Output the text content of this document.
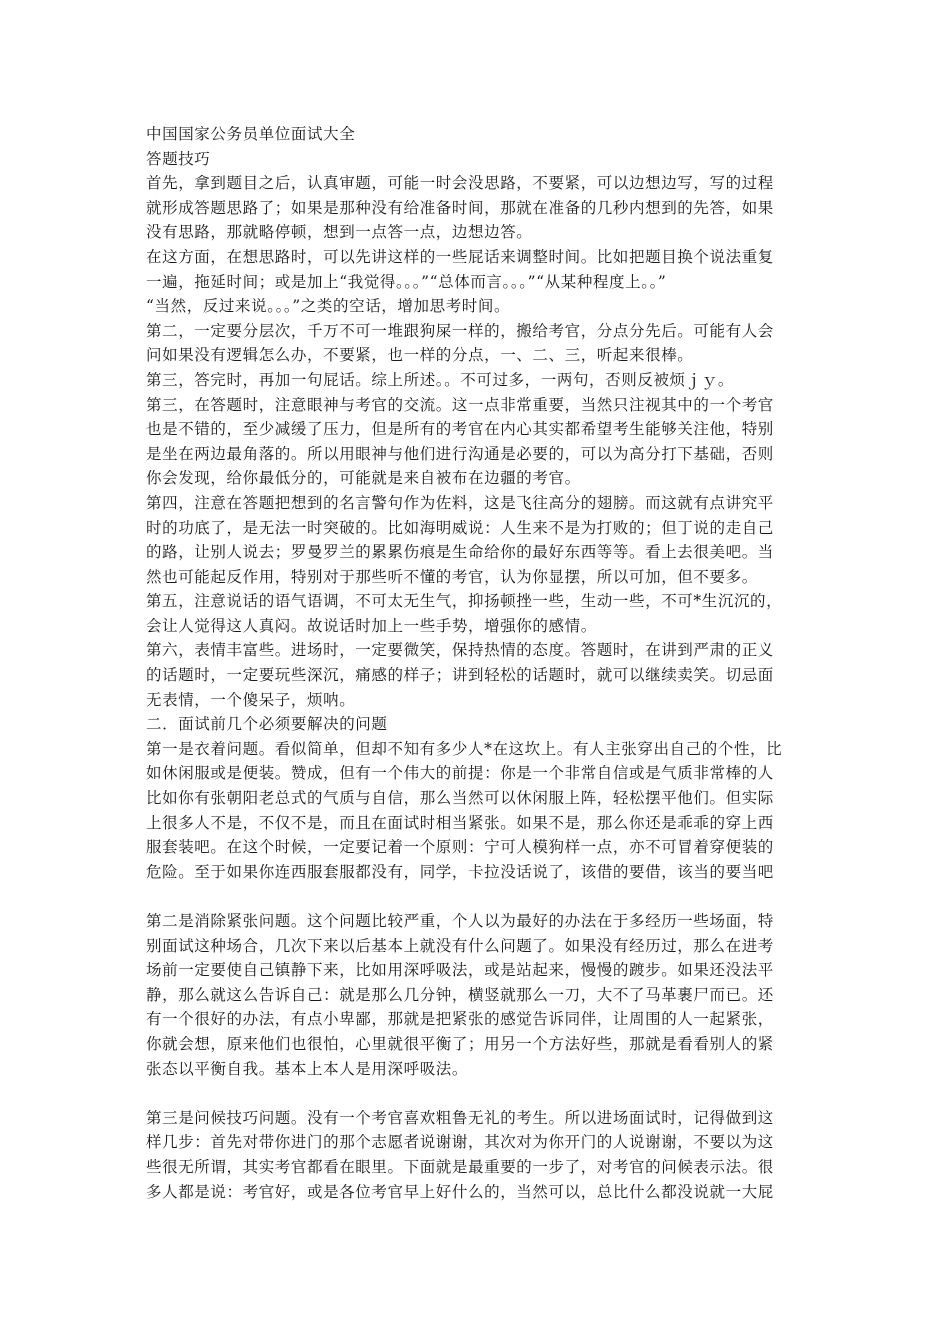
中国国家公务员单位面试大全
答题技巧
首先，拿到题目之后，认真审题，可能一时会没思路，不要紧，可以边想边写，写的过程
就形成答题思路了；如果是那种没有给准备时间，那就在准备的几秒内想到的先答，如果
没有思路，那就略停顿，想到一点答一点，边想边答。
在这方面，在想思路时，可以先讲这样的一些屁话来调整时间。比如把题目换个说法重复
一遍，拖延时间；或是加上“我觉得。。。”“总体而言。。。”“从某种程度上。。”
“当然，反过来说。。。”之类的空话，增加思考时间。
第二，一定要分层次，千万不可一堆跟狗屎一样的，搬给考官，分点分先后。可能有人会
问如果没有逻辑怎么办，不要紧，也一样的分点，一、二、三，听起来很棒。
第三，答完时，再加一句屁话。综上所述。。不可过多，一两句，否则反被烦ｊｙ。
第三，在答题时，注意眼神与考官的交流。这一点非常重要，当然只注视其中的一个考官
也是不错的，至少减缓了压力，但是所有的考官在内心其实都希望考生能够关注他，特别
是坐在两边最角落的。所以用眼神与他们进行沟通是必要的，可以为高分打下基础，否则
你会发现，给你最低分的，可能就是来自被布在边疆的考官。
第四，注意在答题把想到的名言警句作为佐料，这是飞往高分的翅膀。而这就有点讲究平
时的功底了，是无法一时突破的。比如海明威说：人生来不是为打败的；但丁说的走自己
的路，让别人说去；罗曼罗兰的累累伤痕是生命给你的最好东西等等。看上去很美吧。当
然也可能起反作用，特别对于那些听不懂的考官，认为你显摆，所以可加，但不要多。
第五，注意说话的语气语调，不可太无生气，抑扬顿挫一些，生动一些，不可*生沉沉的，
会让人觉得这人真闷。故说话时加上一些手势，增强你的感情。
第六，表情丰富些。进场时，一定要微笑，保持热情的态度。答题时，在讲到严肃的正义
的话题时，一定要玩些深沉，痛感的样子；讲到轻松的话题时，就可以继续卖笑。切忌面
无表情，一个傻呆子，烦呐。
二．面试前几个必须要解决的问题
第一是衣着问题。看似简单，但却不知有多少人*在这坎上。有人主张穿出自己的个性，比
如休闲服或是便装。赞成，但有一个伟大的前提：你是一个非常自信或是气质非常棒的人
比如你有张朝阳老总式的气质与自信，那么当然可以休闲服上阵，轻松摆平他们。但实际
上很多人不是，不仅不是，而且在面试时相当紧张。如果不是，那么你还是乖乖的穿上西
服套装吧。在这个时候，一定要记着一个原则：宁可人模狗样一点，亦不可冒着穿便装的
危险。至于如果你连西服套服都没有，同学，卡拉没话说了，该借的要借，该当的要当吧
第二是消除紧张问题。这个问题比较严重，个人以为最好的办法在于多经历一些场面，特
别面试这种场合，几次下来以后基本上就没有什么问题了。如果没有经历过，那么在进考
场前一定要使自己镇静下来，比如用深呼吸法，或是站起来，慢慢的踱步。如果还没法平
静，那么就这么告诉自己：就是那么几分钟，横竖就那么一刀，大不了马革裹尸而已。还
有一个很好的办法，有点小卑鄙，那就是把紧张的感觉告诉同伴，让周围的人一起紧张，
你就会想，原来他们也很怕，心里就很平衡了；用另一个方法好些，那就是看看别人的紧
张态以平衡自我。基本上本人是用深呼吸法。
第三是问候技巧问题。没有一个考官喜欢粗鲁无礼的考生。所以进场面试时，记得做到这
样几步：首先对带你进门的那个志愿者说谢谢，其次对为你开门的人说谢谢，不要以为这
些很无所谓，其实考官都看在眼里。下面就是最重要的一步了，对考官的问候表示法。很
多人都是说：考官好，或是各位考官早上好什么的，当然可以，总比什么都没说就一大屁
